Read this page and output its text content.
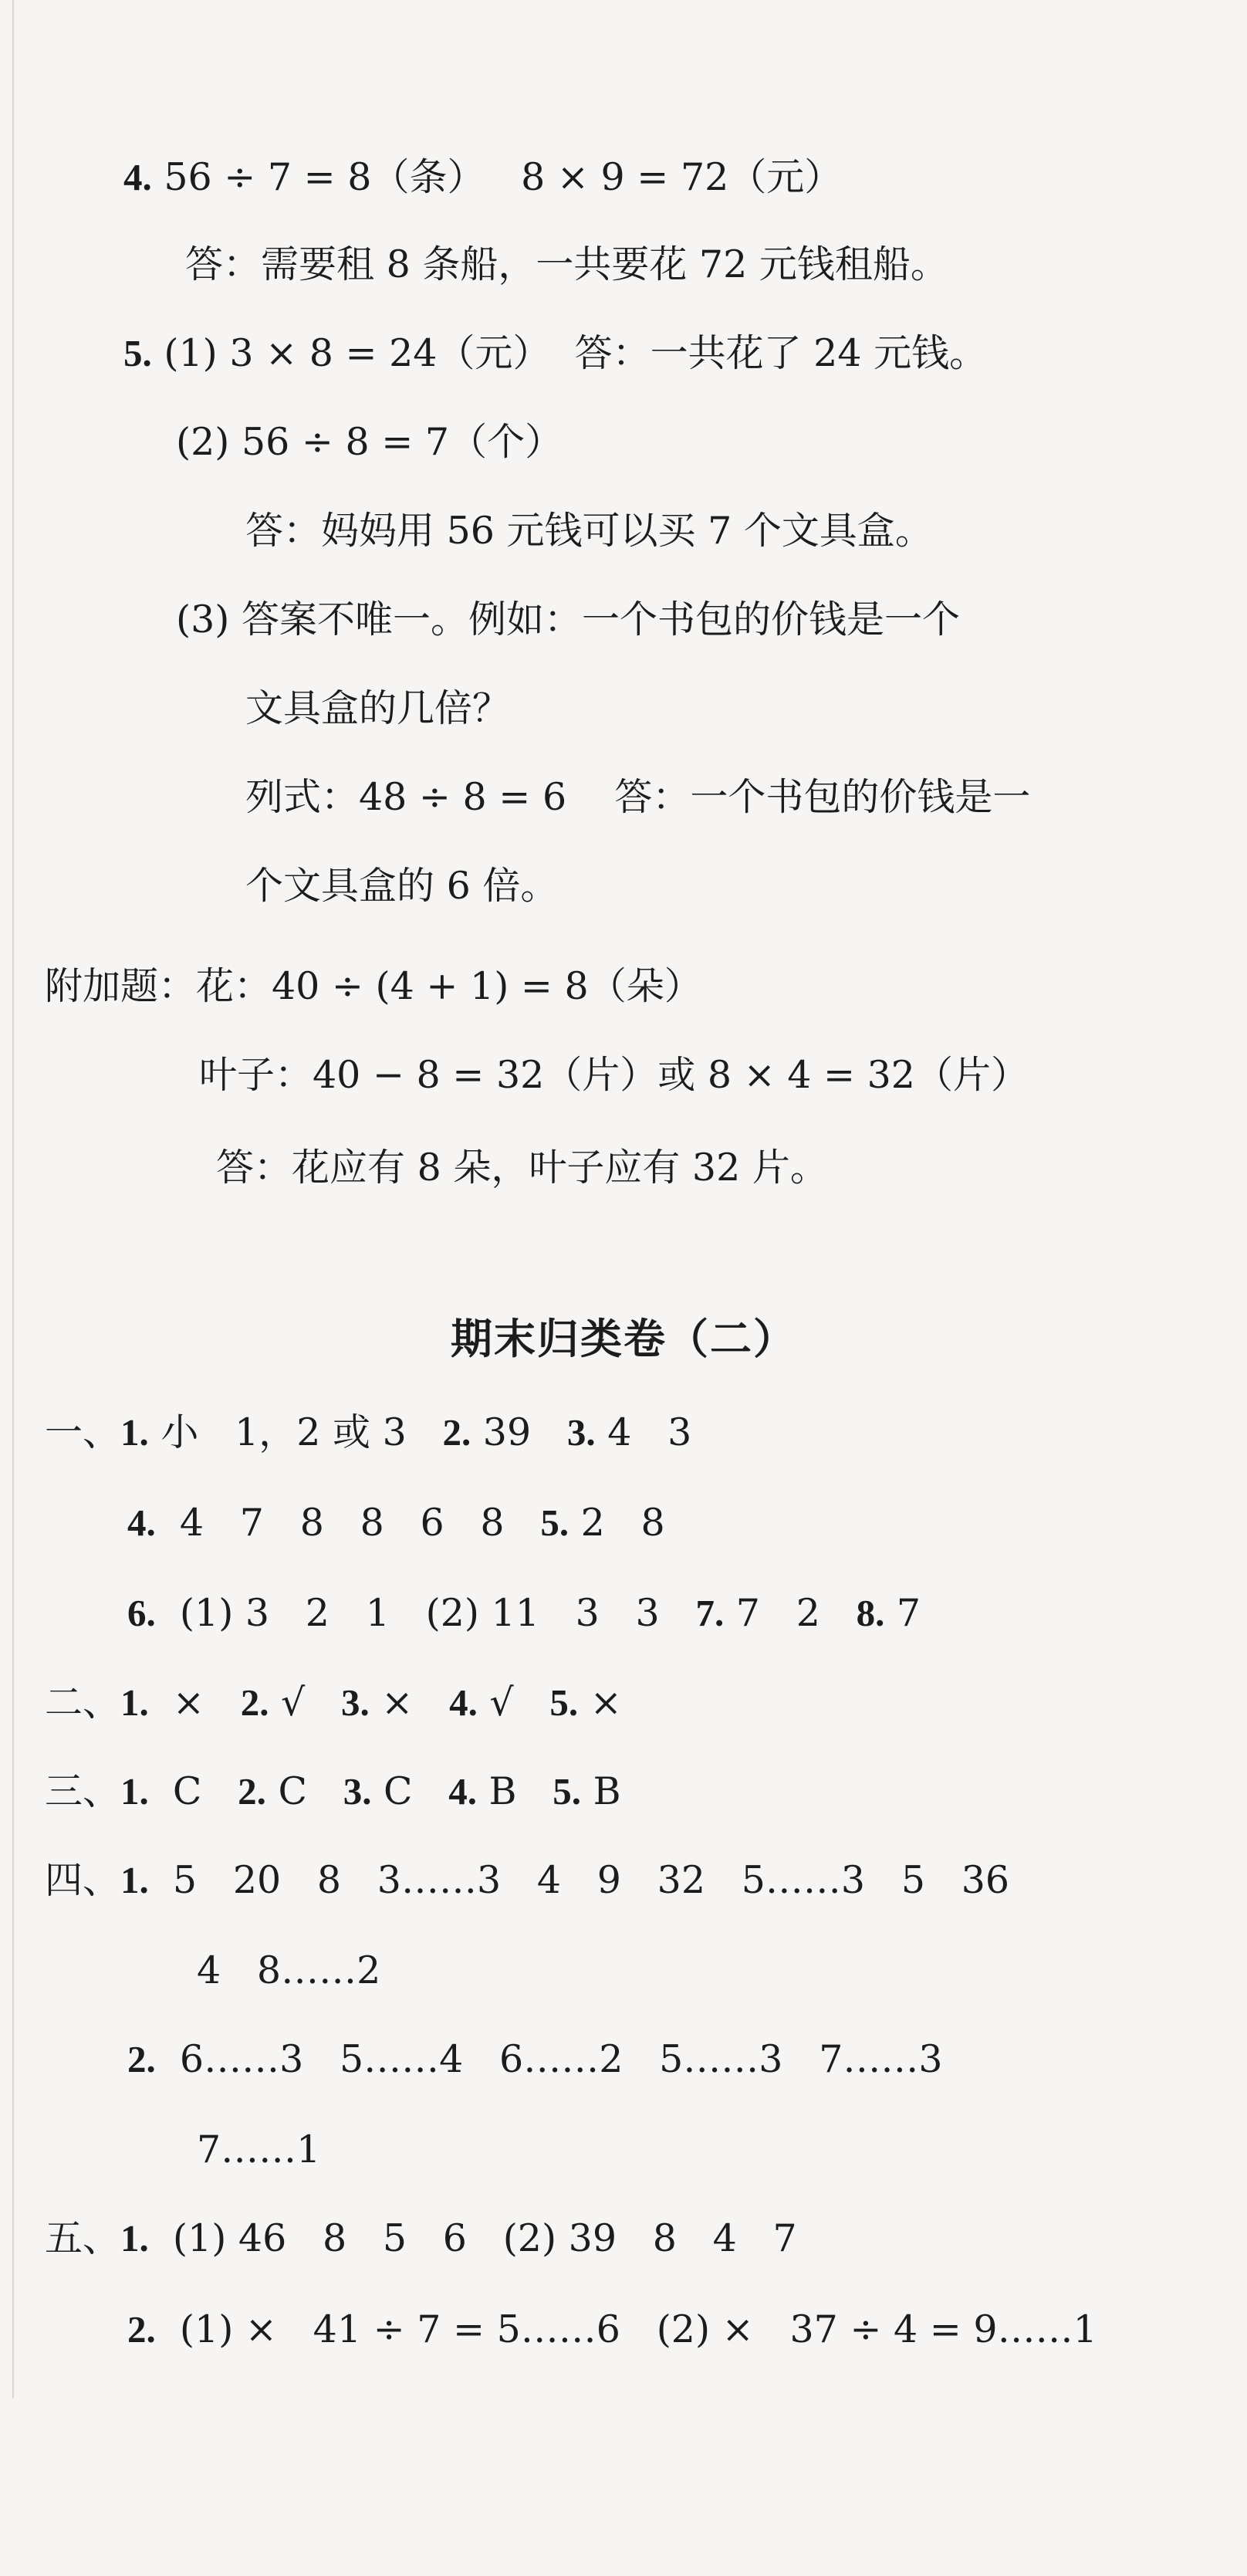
4. 56 ÷ 7 = 8（条）   8 × 9 = 72（元）
答：需要租 8 条船，一共要花 72 元钱租船。
5. (1) 3 × 8 = 24（元）  答：一共花了 24 元钱。
(2) 56 ÷ 8 = 7（个）
答：妈妈用 56 元钱可以买 7 个文具盒。
(3) 答案不唯一。例如：一个书包的价钱是一个
文具盒的几倍？
列式：48 ÷ 8 = 6    答：一个书包的价钱是一
个文具盒的 6 倍。
附加题：花：40 ÷ (4 + 1) = 8（朵）
叶子：40 − 8 = 32（片）或 8 × 4 = 32（片）
答：花应有 8 朵，叶子应有 32 片。
一、1. 小   1，2 或 3   2. 39   3. 4   3
4.  4   7   8   8   6   8   5. 2   8
6.  (1) 3   2   1   (2) 11   3   3   7. 7   2   8. 7
二、1.  ×   2. √   3. ×   4. √   5. ×
三、1.  C   2. C   3. C   4. B   5. B
四、1.  5   20   8   3……3   4   9   32   5……3   5   36
4   8……2
2.  6……3   5……4   6……2   5……3   7……3
7……1
五、1.  (1) 46   8   5   6   (2) 39   8   4   7
2.  (1) ×   41 ÷ 7 = 5……6   (2) ×   37 ÷ 4 = 9……1
期末归类卷（二）
